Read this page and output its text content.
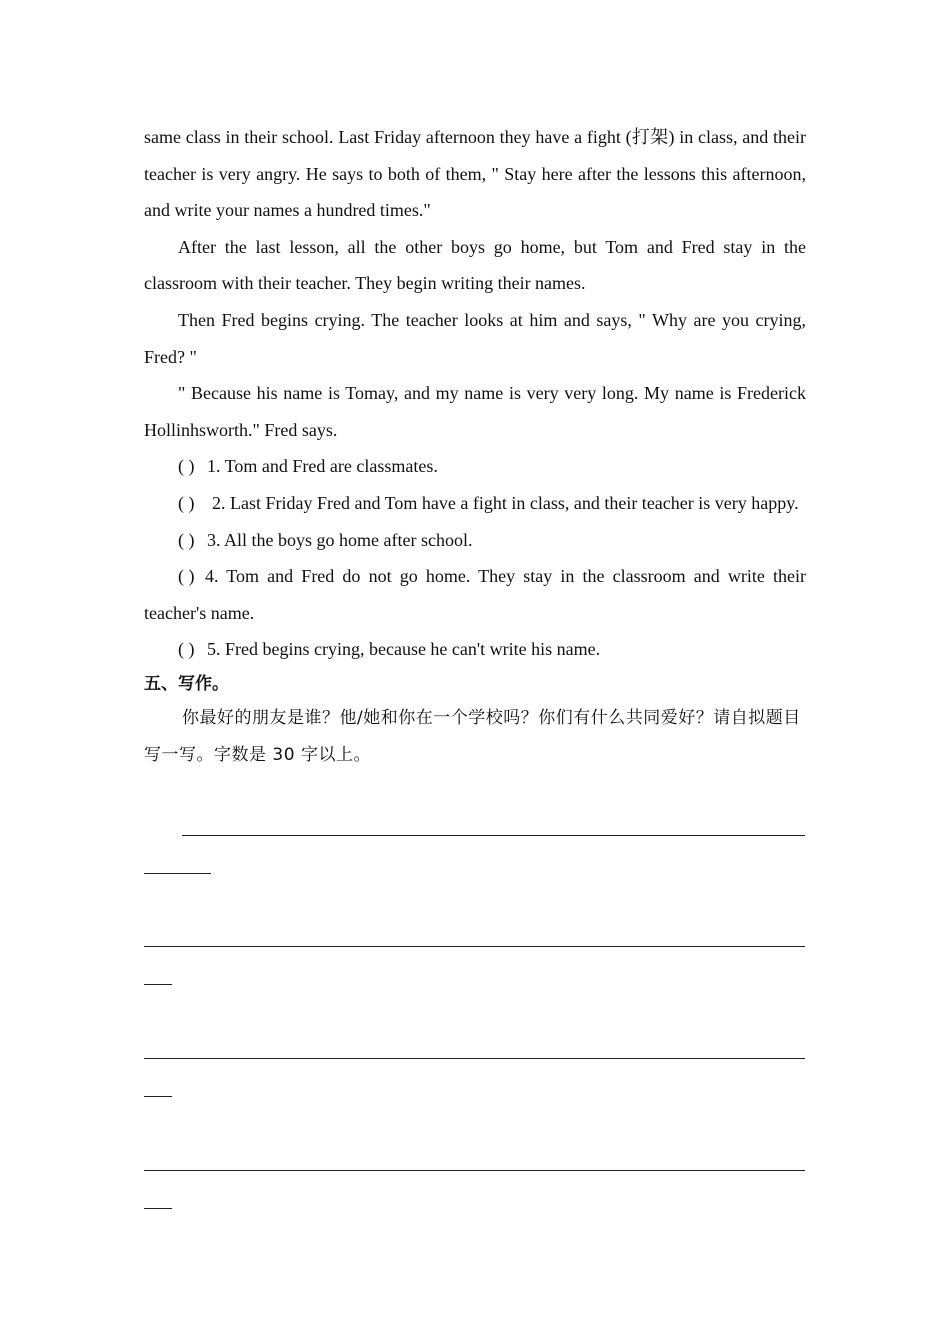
same class in their school. Last Friday afternoon they have a fight (打架) in class, and their teacher is very angry. He says to both of them, " Stay here after the lessons this afternoon, and write your names a hundred times."

After the last lesson, all the other boys go home, but Tom and Fred stay in the classroom with their teacher. They begin writing their names.

Then Fred begins crying. The teacher looks at him and says, " Why are you crying, Fred? "

" Because his name is Tomay, and my name is very very long. My name is Frederick Hollinhsworth." Fred says.

( ) 1. Tom and Fred are classmates.

( ) 2. Last Friday Fred and Tom have a fight in class, and their teacher is very happy.

( ) 3. All the boys go home after school.

( ) 4. Tom and Fred do not go home. They stay in the classroom and write their teacher's name.

( ) 5. Fred begins crying, because he can't write his name.

五、写作。

你最好的朋友是谁？他/她和你在一个学校吗？你们有什么共同爱好？请自拟题目写一写。字数是 30 字以上。
